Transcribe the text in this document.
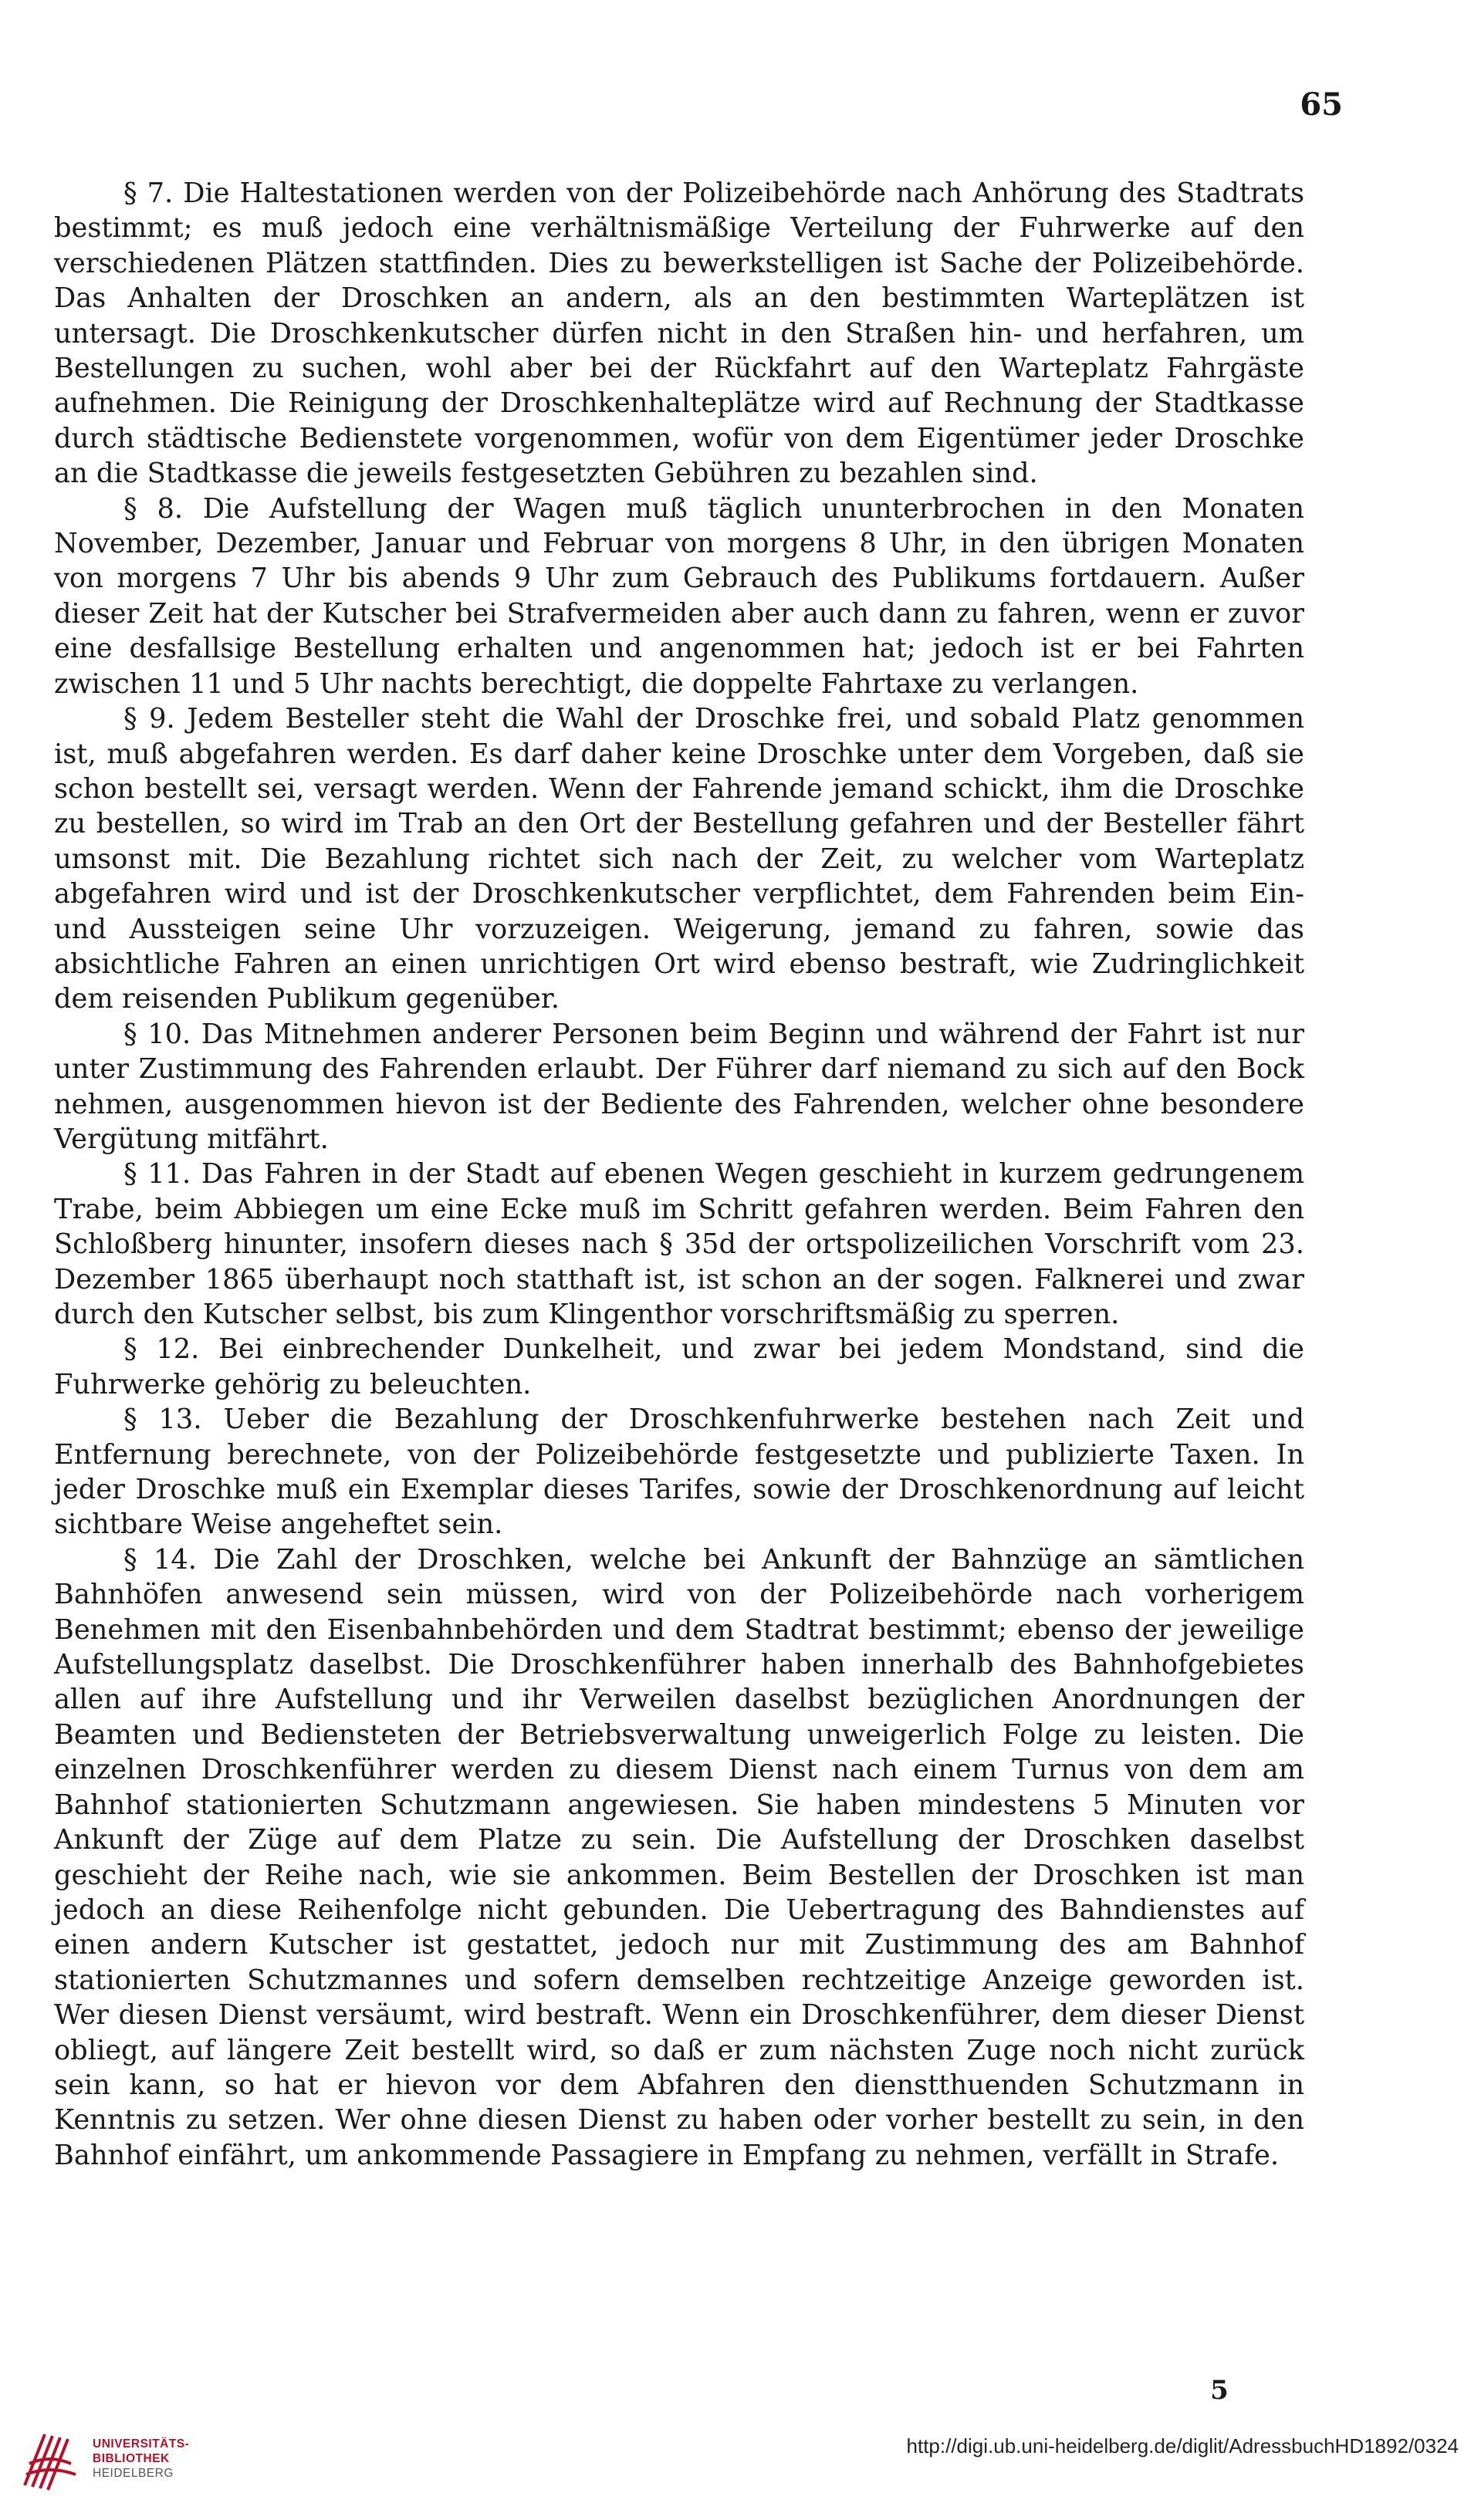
65

§ 7. Die Haltestationen werden von der Polizeibehörde nach Anhörung des Stadtrats bestimmt; es muß jedoch eine verhältnismäßige Verteilung der Fuhrwerke auf den verschiedenen Plätzen stattfinden. Dies zu bewerkstelligen ist Sache der Polizeibehörde. Das Anhalten der Droschken an andern, als an den bestimmten Warteplätzen ist untersagt. Die Droschkenkutscher dürfen nicht in den Straßen hin- und herfahren, um Bestellungen zu suchen, wohl aber bei der Rückfahrt auf den Warteplatz Fahrgäste aufnehmen. Die Reinigung der Droschkenhalteplätze wird auf Rechnung der Stadtkasse durch städtische Bedienstete vorgenommen, wofür von dem Eigentümer jeder Droschke an die Stadtkasse die jeweils festgesetzten Gebühren zu bezahlen sind.

§ 8. Die Aufstellung der Wagen muß täglich ununterbrochen in den Monaten November, Dezember, Januar und Februar von morgens 8 Uhr, in den übrigen Monaten von morgens 7 Uhr bis abends 9 Uhr zum Gebrauch des Publikums fortdauern. Außer dieser Zeit hat der Kutscher bei Strafvermeiden aber auch dann zu fahren, wenn er zuvor eine desfallsige Bestellung erhalten und angenommen hat; jedoch ist er bei Fahrten zwischen 11 und 5 Uhr nachts berechtigt, die doppelte Fahrtaxe zu verlangen.

§ 9. Jedem Besteller steht die Wahl der Droschke frei, und sobald Platz genommen ist, muß abgefahren werden. Es darf daher keine Droschke unter dem Vorgeben, daß sie schon bestellt sei, versagt werden. Wenn der Fahrende jemand schickt, ihm die Droschke zu bestellen, so wird im Trab an den Ort der Bestellung gefahren und der Besteller fährt umsonst mit. Die Bezahlung richtet sich nach der Zeit, zu welcher vom Warteplatz abgefahren wird und ist der Droschkenkutscher verpflichtet, dem Fahrenden beim Ein- und Aussteigen seine Uhr vorzuzeigen. Weigerung, jemand zu fahren, sowie das absichtliche Fahren an einen unrichtigen Ort wird ebenso bestraft, wie Zudringlichkeit dem reisenden Publikum gegenüber.

§ 10. Das Mitnehmen anderer Personen beim Beginn und während der Fahrt ist nur unter Zustimmung des Fahrenden erlaubt. Der Führer darf niemand zu sich auf den Bock nehmen, ausgenommen hievon ist der Bediente des Fahrenden, welcher ohne besondere Vergütung mitfährt.

§ 11. Das Fahren in der Stadt auf ebenen Wegen geschieht in kurzem gedrungenem Trabe, beim Abbiegen um eine Ecke muß im Schritt gefahren werden. Beim Fahren den Schloßberg hinunter, insofern dieses nach § 35d der ortspolizeilichen Vorschrift vom 23. Dezember 1865 überhaupt noch statthaft ist, ist schon an der sogen. Falknerei und zwar durch den Kutscher selbst, bis zum Klingenthor vorschriftsmäßig zu sperren.

§ 12. Bei einbrechender Dunkelheit, und zwar bei jedem Mondstand, sind die Fuhrwerke gehörig zu beleuchten.

§ 13. Ueber die Bezahlung der Droschkenfuhrwerke bestehen nach Zeit und Entfernung berechnete, von der Polizeibehörde festgesetzte und publizierte Taxen. In jeder Droschke muß ein Exemplar dieses Tarifes, sowie der Droschkenordnung auf leicht sichtbare Weise angeheftet sein.

§ 14. Die Zahl der Droschken, welche bei Ankunft der Bahnzüge an sämtlichen Bahnhöfen anwesend sein müssen, wird von der Polizeibehörde nach vorherigem Benehmen mit den Eisenbahnbehörden und dem Stadtrat bestimmt; ebenso der jeweilige Aufstellungsplatz daselbst. Die Droschkenführer haben innerhalb des Bahnhofgebietes allen auf ihre Aufstellung und ihr Verweilen daselbst bezüglichen Anordnungen der Beamten und Bediensteten der Betriebsverwaltung unweigerlich Folge zu leisten. Die einzelnen Droschkenführer werden zu diesem Dienst nach einem Turnus von dem am Bahnhof stationierten Schutzmann angewiesen. Sie haben mindestens 5 Minuten vor Ankunft der Züge auf dem Platze zu sein. Die Aufstellung der Droschken daselbst geschieht der Reihe nach, wie sie ankommen. Beim Bestellen der Droschken ist man jedoch an diese Reihenfolge nicht gebunden. Die Uebertragung des Bahndienstes auf einen andern Kutscher ist gestattet, jedoch nur mit Zustimmung des am Bahnhof stationierten Schutzmannes und sofern demselben rechtzeitige Anzeige geworden ist. Wer diesen Dienst versäumt, wird bestraft. Wenn ein Droschkenführer, dem dieser Dienst obliegt, auf längere Zeit bestellt wird, so daß er zum nächsten Zuge noch nicht zurück sein kann, so hat er hievon vor dem Abfahren den dienstthuenden Schutzmann in Kenntnis zu setzen. Wer ohne diesen Dienst zu haben oder vorher bestellt zu sein, in den Bahnhof einfährt, um ankommende Passagiere in Empfang zu nehmen, verfällt in Strafe.

5
UNIVERSITÄTS-
BIBLIOTHEK
HEIDELBERG
http://digi.ub.uni-heidelberg.de/diglit/AdressbuchHD1892/0324
